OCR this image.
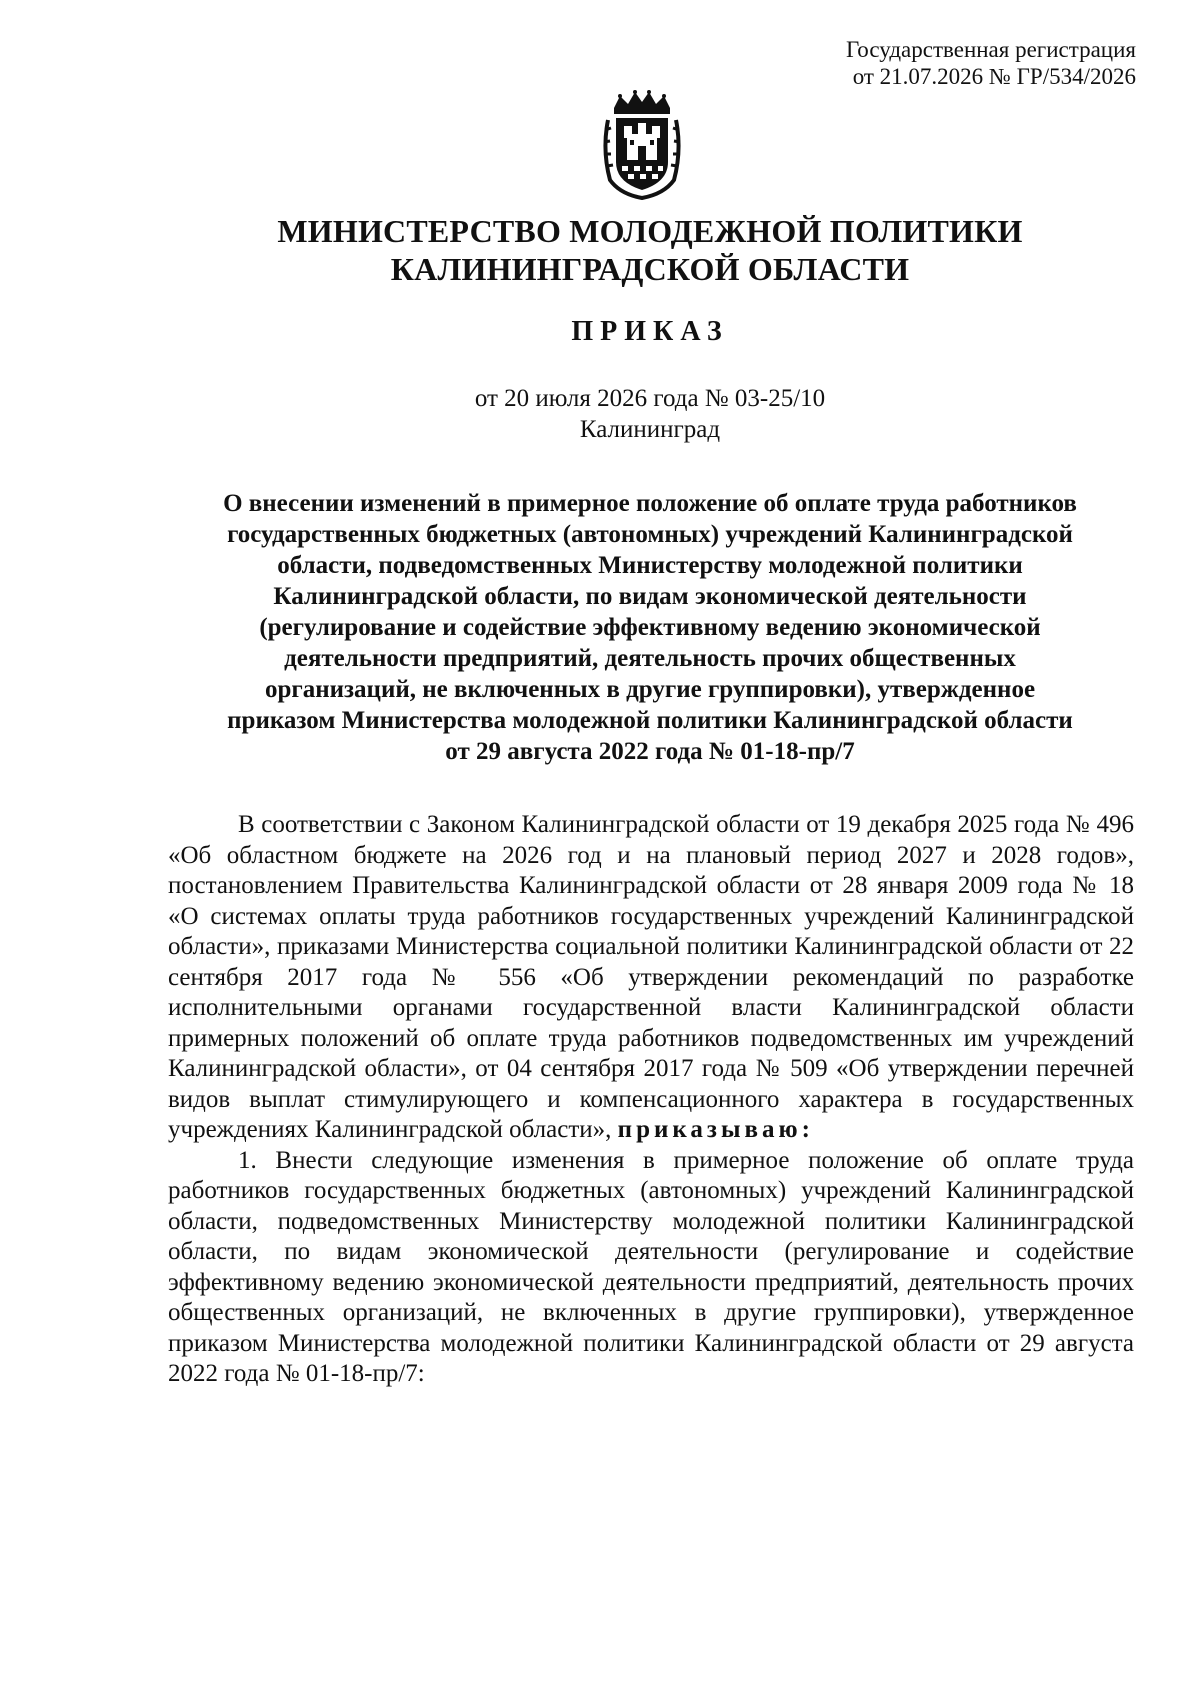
Государственная регистрация
от 21.07.2026 № ГР/534/2026
МИНИСТЕРСТВО МОЛОДЕЖНОЙ ПОЛИТИКИ
КАЛИНИНГРАДСКОЙ ОБЛАСТИ
ПРИКАЗ
от 20 июля 2026 года № 03-25/10
Калининград
О внесении изменений в примерное положение об оплате труда работников
государственных бюджетных (автономных) учреждений Калининградской
области, подведомственных Министерству молодежной политики
Калининградской области, по видам экономической деятельности
(регулирование и содействие эффективному ведению экономической
деятельности предприятий, деятельность прочих общественных
организаций, не включенных в другие группировки), утвержденное
приказом Министерства молодежной политики Калининградской области
от 29 августа 2022 года № 01-18-пр/7

В соответствии с Законом Калининградской области от 19 декабря 2025 года № 496 «Об областном бюджете на 2026 год и на плановый период 2027 и 2028 годов», постановлением Правительства Калининградской области от 28 января 2009 года № 18 «О системах оплаты труда работников государственных учреждений Калининградской области», приказами Министерства социальной политики Калининградской области от 22 сентября 2017 года № 556 «Об утверждении рекомендаций по разработке исполнительными органами государственной власти Калининградской области примерных положений об оплате труда работников подведомственных им учреждений Калининградской области», от 04 сентября 2017 года № 509 «Об утверждении перечней видов выплат стимулирующего и компенсационного характера в государственных учреждениях Калининградской области», приказываю:

1. Внести следующие изменения в примерное положение об оплате труда работников государственных бюджетных (автономных) учреждений Калининградской области, подведомственных Министерству молодежной политики Калининградской области, по видам экономической деятельности (регулирование и содействие эффективному ведению экономической деятельности предприятий, деятельность прочих общественных организаций, не включенных в другие группировки), утвержденное приказом Министерства молодежной политики Калининградской области от 29 августа 2022 года № 01-18-пр/7:
